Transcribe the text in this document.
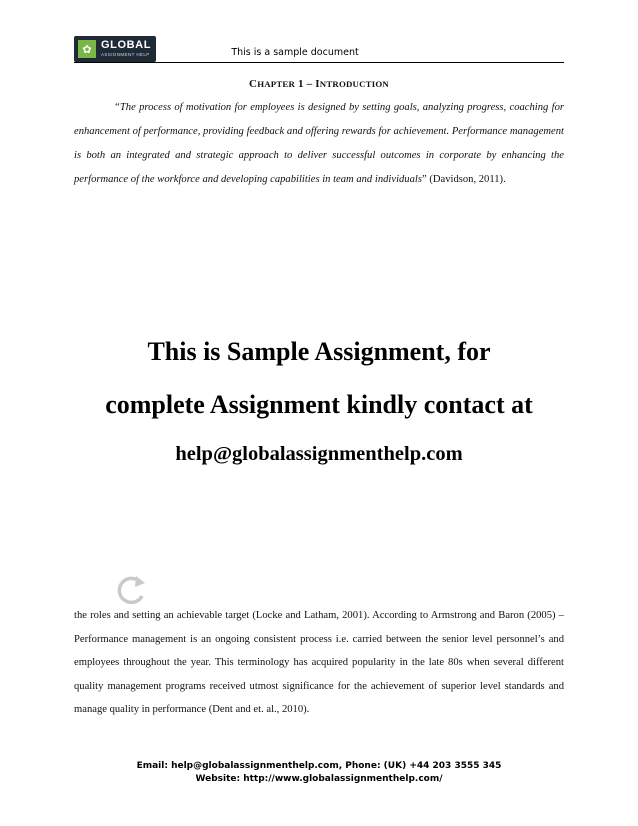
✿ GLOBAL
ASSIGNMENT HELP	This is a sample document
CHAPTER 1 – INTRODUCTION
“The process of motivation for employees is designed by setting goals, analyzing progress, coaching for enhancement of performance, providing feedback and offering rewards for achievement. Performance management is both an integrated and strategic approach to deliver successful outcomes in corporate by enhancing the performance of the workforce and developing capabilities in team and individuals” (Davidson, 2011).
This is Sample Assignment, for
complete Assignment kindly contact at
help@globalassignmenthelp.com
the roles and setting an achievable target (Locke and Latham, 2001). According to Armstrong and Baron (2005) – Performance management is an ongoing consistent process i.e. carried between the senior level personnel’s and employees throughout the year. This terminology has acquired popularity in the late 80s when several different quality management programs received utmost significance for the achievement of superior level standards and manage quality in performance (Dent and et. al., 2010).
Email: help@globalassignmenthelp.com, Phone: (UK) +44 203 3555 345
Website: http://www.globalassignmenthelp.com/
